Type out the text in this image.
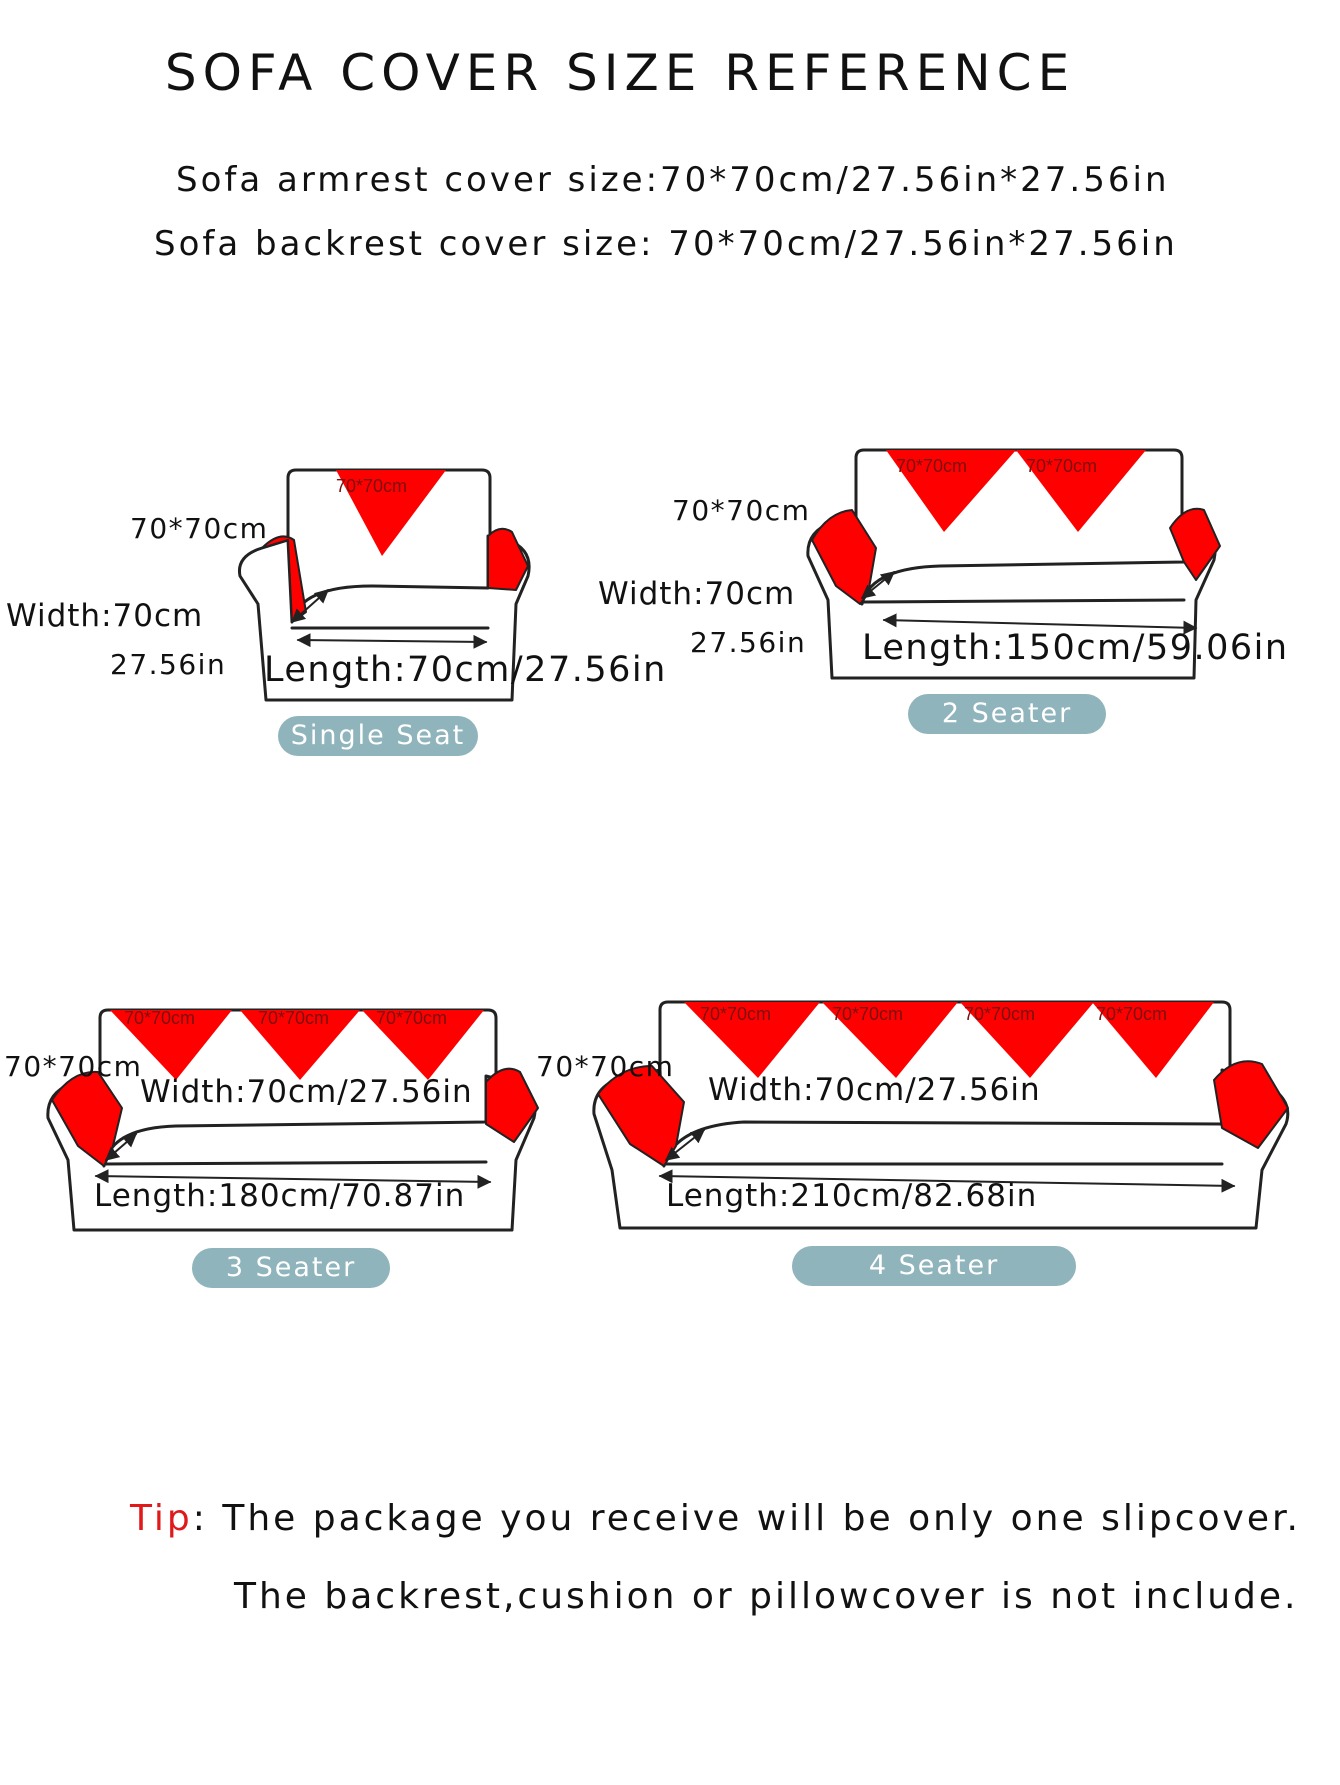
SOFA COVER SIZE REFERENCE
Sofa armrest cover size:70*70cm/27.56in*27.56in
Sofa backrest cover size: 70*70cm/27.56in*27.56in
70*70cm
70*70cm
Width:70cm
27.56in Length:70cm/27.56in
Single Seat
70*70cm	70*70cm
70*70cm
Width:70cm
27.56in Length:150cm/59.06in
2 Seater
70*70cm	70*70cm	70*70cm
70*70cm
Width:70cm/27.56in
Length:180cm/70.87in
3 Seater
70*70cm	70*70cm	70*70cm	70*70cm
70*70cm
Width:70cm/27.56in
Length:210cm/82.68in
4 Seater
Tip: The package you receive will be only one slipcover.
The backrest,cushion or pillowcover is not include.
